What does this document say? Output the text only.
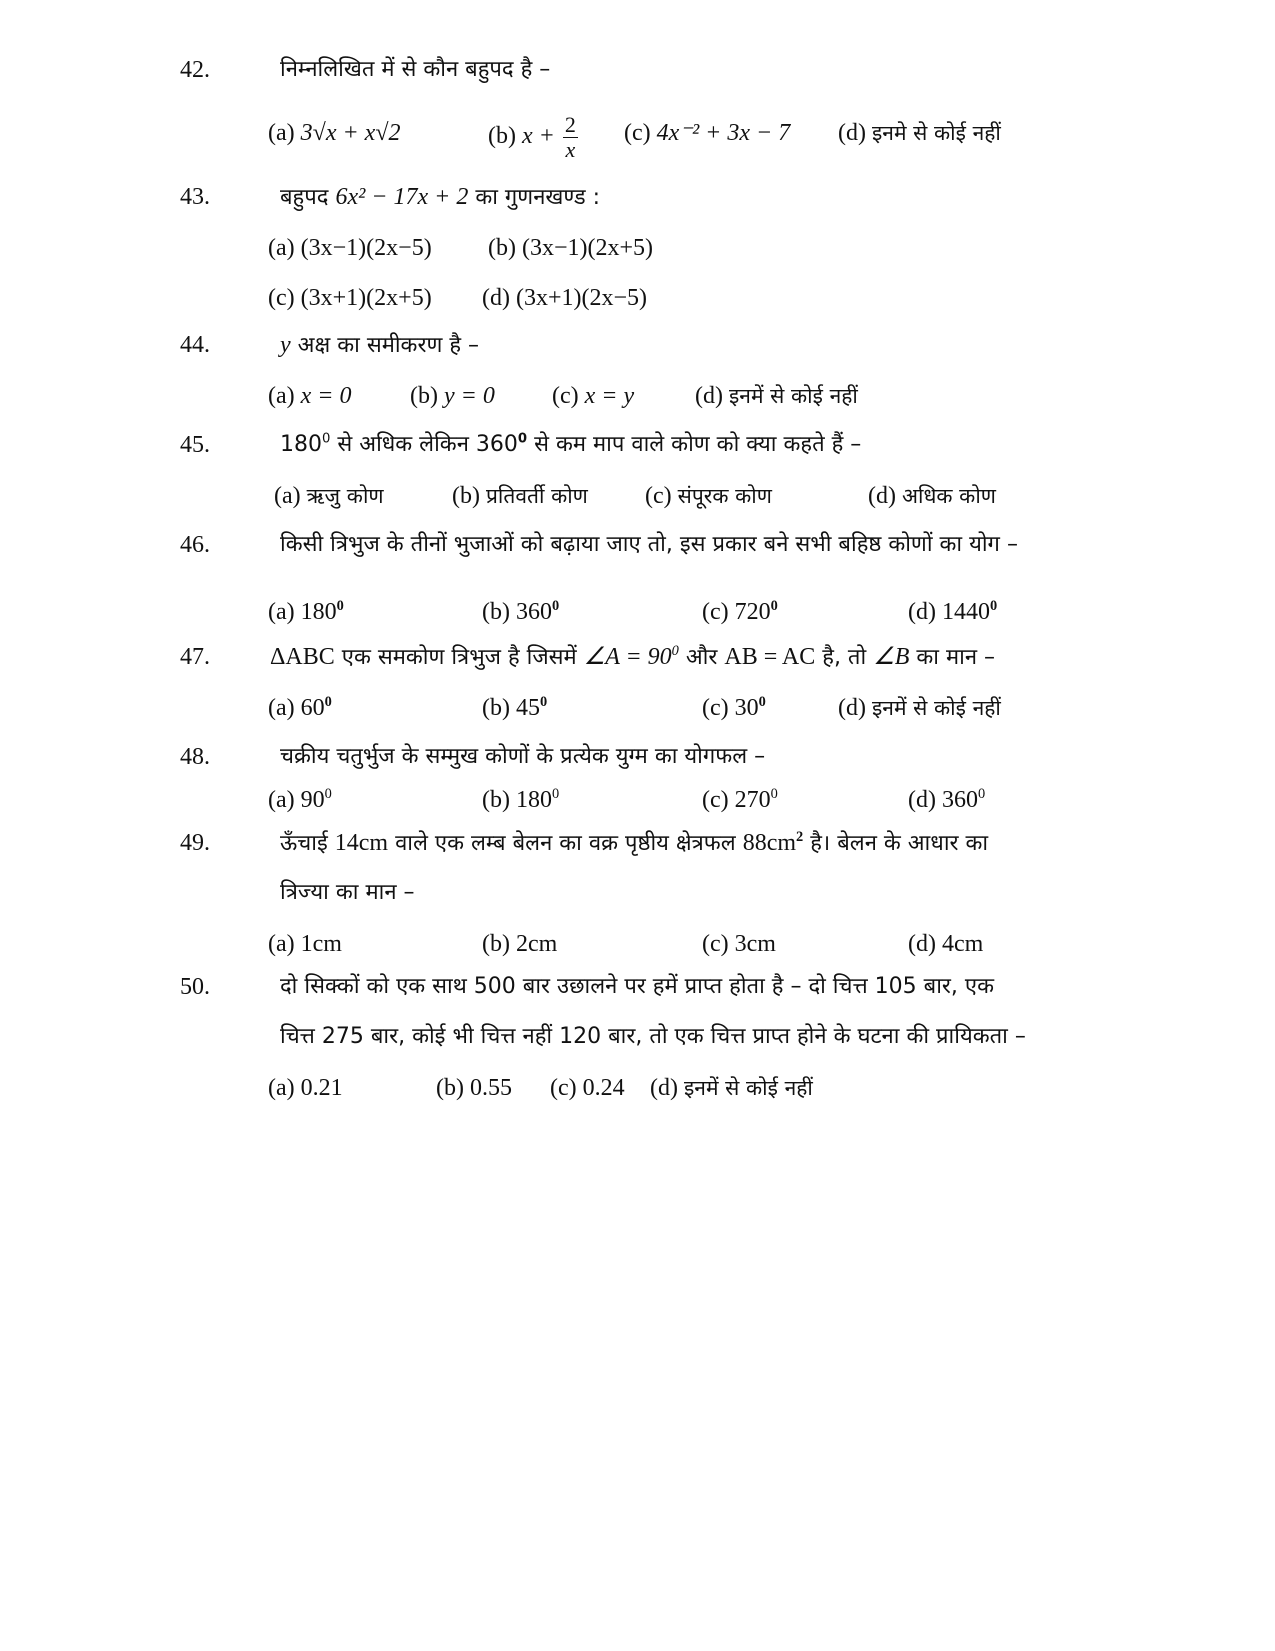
42.	निम्नलिखित में से कौन बहुपद है –
(a) 3√x + x√2	(b) $x + \frac{2}{x} (c) 4x^{-2} + 3x - 7$ (d) इनमे से कोई नहीं
43.	बहुपद 6x² − 17x + 2 का गुणनखण्ड :
(a) (3x−1)(2x−5) (b) (3x−1)(2x+5)
(c) (3x+1)(2x+5) (d) (3x+1)(2x−5)
44.	y अक्ष का समीकरण है –
(a) x = 0 (b) y = 0 (c) x = y	(d) इनमें से कोई नहीं
45.	$180^0$ से अधिक लेकिन $360^0$ से कम माप वाले कोण को क्या कहते हैं –
(a) ऋजु कोण	(b) प्रतिवर्ती कोण (c) संपूरक कोण	(d) अधिक कोण
46.	किसी त्रिभुज के तीनों भुजाओं को बढ़ाया जाए तो, इस प्रकार बने सभी बहिष्ठ कोणों का योग –
(a) $180^0$	(b) $360^0$	(c) $720^0$	(d) 1440$^0$
47.	ΔABC एक समकोण त्रिभुज है जिसमें ∠A = $90^0$ और AB = AC है, तो ∠B का मान –
(a) $60^0$	(b) $45^0$	(c) $30^0$	(d) इनमें से कोई नहीं
48.	चक्रीय चतुर्भुज के सम्मुख कोणों के प्रत्येक युग्म का योगफल –
(a) $90^0$	(b) $180^0$	(c) $270^0$	(d) $360^0$
49.	ऊँचाई 14cm वाले एक लम्ब बेलन का वक्र पृष्ठीय क्षेत्रफल $88cm^2$ है। बेलन के आधार का
त्रिज्या का मान –
(a) 1cm	(b) 2cm	(c) 3cm	(d) 4cm
50.	दो सिक्कों को एक साथ 500 बार उछालने पर हमें प्राप्त होता है – दो चित्त 105 बार, एक
चित्त 275 बार, कोई भी चित्त नहीं 120 बार, तो एक चित्त प्राप्त होने के घटना की प्रायिकता –
(a) 0.21	(b) 0.55 (c) 0.24 (d) इनमें से कोई नहीं
